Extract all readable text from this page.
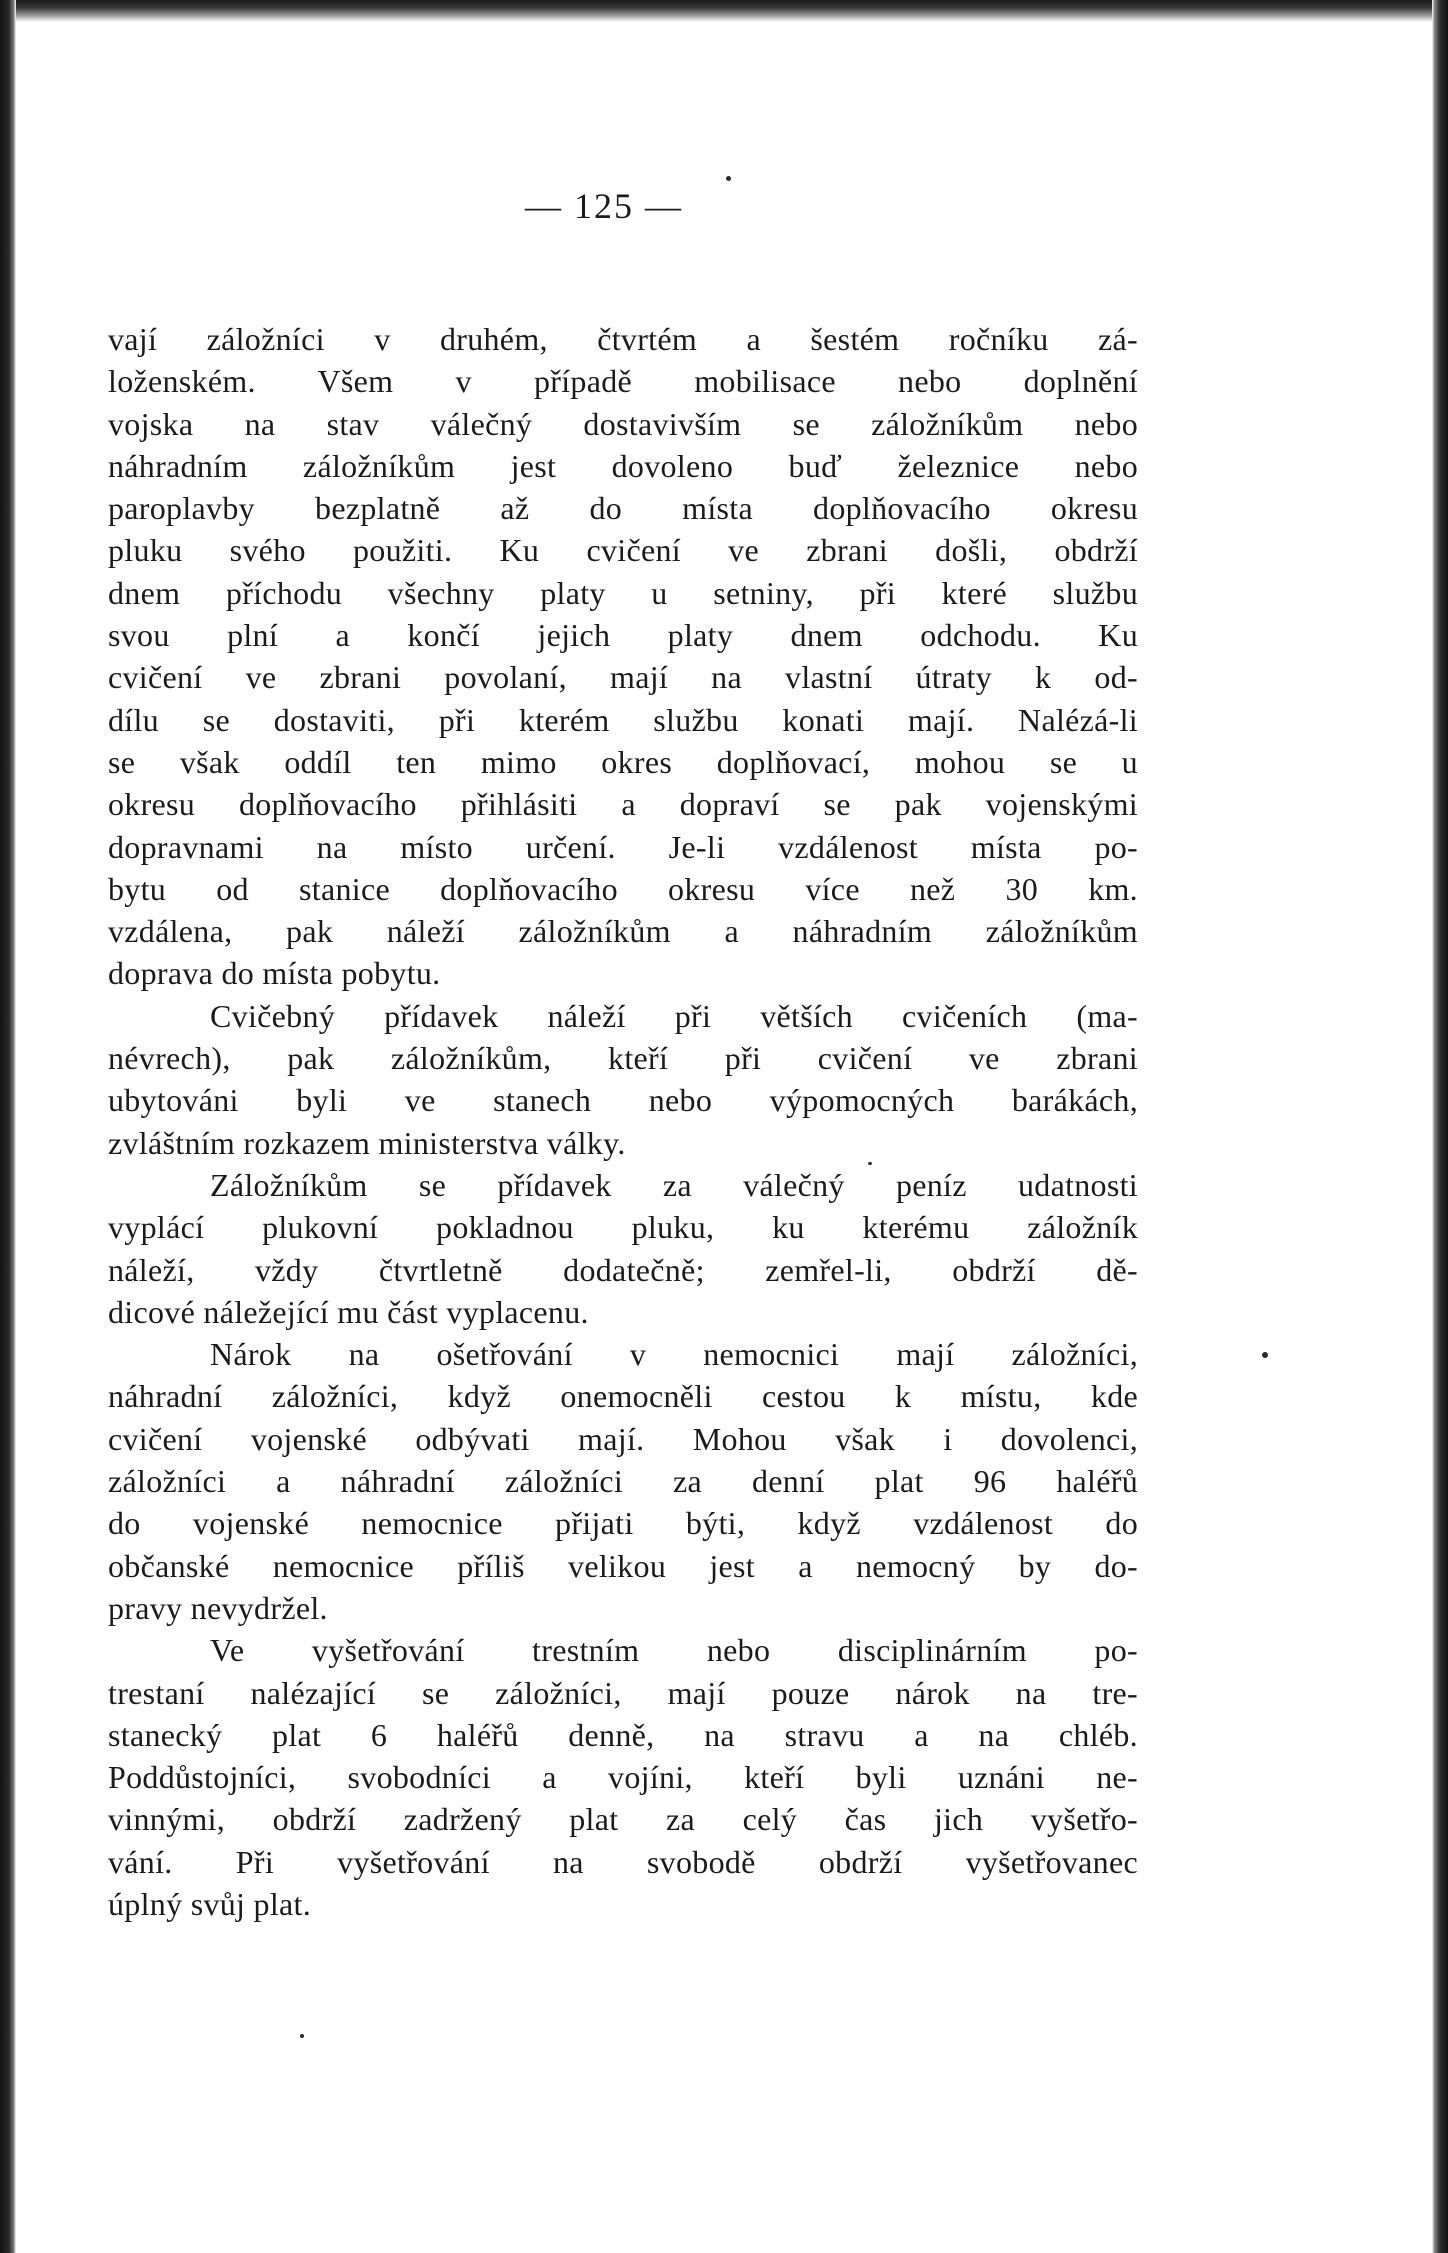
— 125 —
vají záložníci v druhém, čtvrtém a šestém ročníku zá-
loženském. Všem v případě mobilisace nebo doplnění
vojska na stav válečný dostavivším se záložníkům nebo
náhradním záložníkům jest dovoleno buď železnice nebo
paroplavby bezplatně až do místa doplňovacího okresu
pluku svého použiti. Ku cvičení ve zbrani došli, obdrží
dnem příchodu všechny platy u setniny, při které službu
svou plní a končí jejich platy dnem odchodu. Ku
cvičení ve zbrani povolaní, mají na vlastní útraty k od-
dílu se dostaviti, při kterém službu konati mají. Nalézá-li
se však oddíl ten mimo okres doplňovací, mohou se u
okresu doplňovacího přihlásiti a dopraví se pak vojenskými
dopravnami na místo určení. Je-li vzdálenost místa po-
bytu od stanice doplňovacího okresu více než 30 km.
vzdálena, pak náleží záložníkům a náhradním záložníkům
doprava do místa pobytu.
Cvičebný přídavek náleží při větších cvičeních (ma-
névrech), pak záložníkům, kteří při cvičení ve zbrani
ubytováni byli ve stanech nebo výpomocných barákách,
zvláštním rozkazem ministerstva války.
Záložníkům se přídavek za válečný peníz udatnosti
vyplácí plukovní pokladnou pluku, ku kterému záložník
náleží, vždy čtvrtletně dodatečně; zemřel-li, obdrží dě-
dicové náležející mu část vyplacenu.
Nárok na ošetřování v nemocnici mají záložníci,
náhradní záložníci, když onemocněli cestou k místu, kde
cvičení vojenské odbývati mají. Mohou však i dovolenci,
záložníci a náhradní záložníci za denní plat 96 haléřů
do vojenské nemocnice přijati býti, když vzdálenost do
občanské nemocnice příliš velikou jest a nemocný by do-
pravy nevydržel.
Ve vyšetřování trestním nebo disciplinárním po-
trestaní nalézající se záložníci, mají pouze nárok na tre-
stanecký plat 6 haléřů denně, na stravu a na chléb.
Poddůstojníci, svobodníci a vojíni, kteří byli uznáni ne-
vinnými, obdrží zadržený plat za celý čas jich vyšetřo-
vání. Při vyšetřování na svobodě obdrží vyšetřovanec
úplný svůj plat.
